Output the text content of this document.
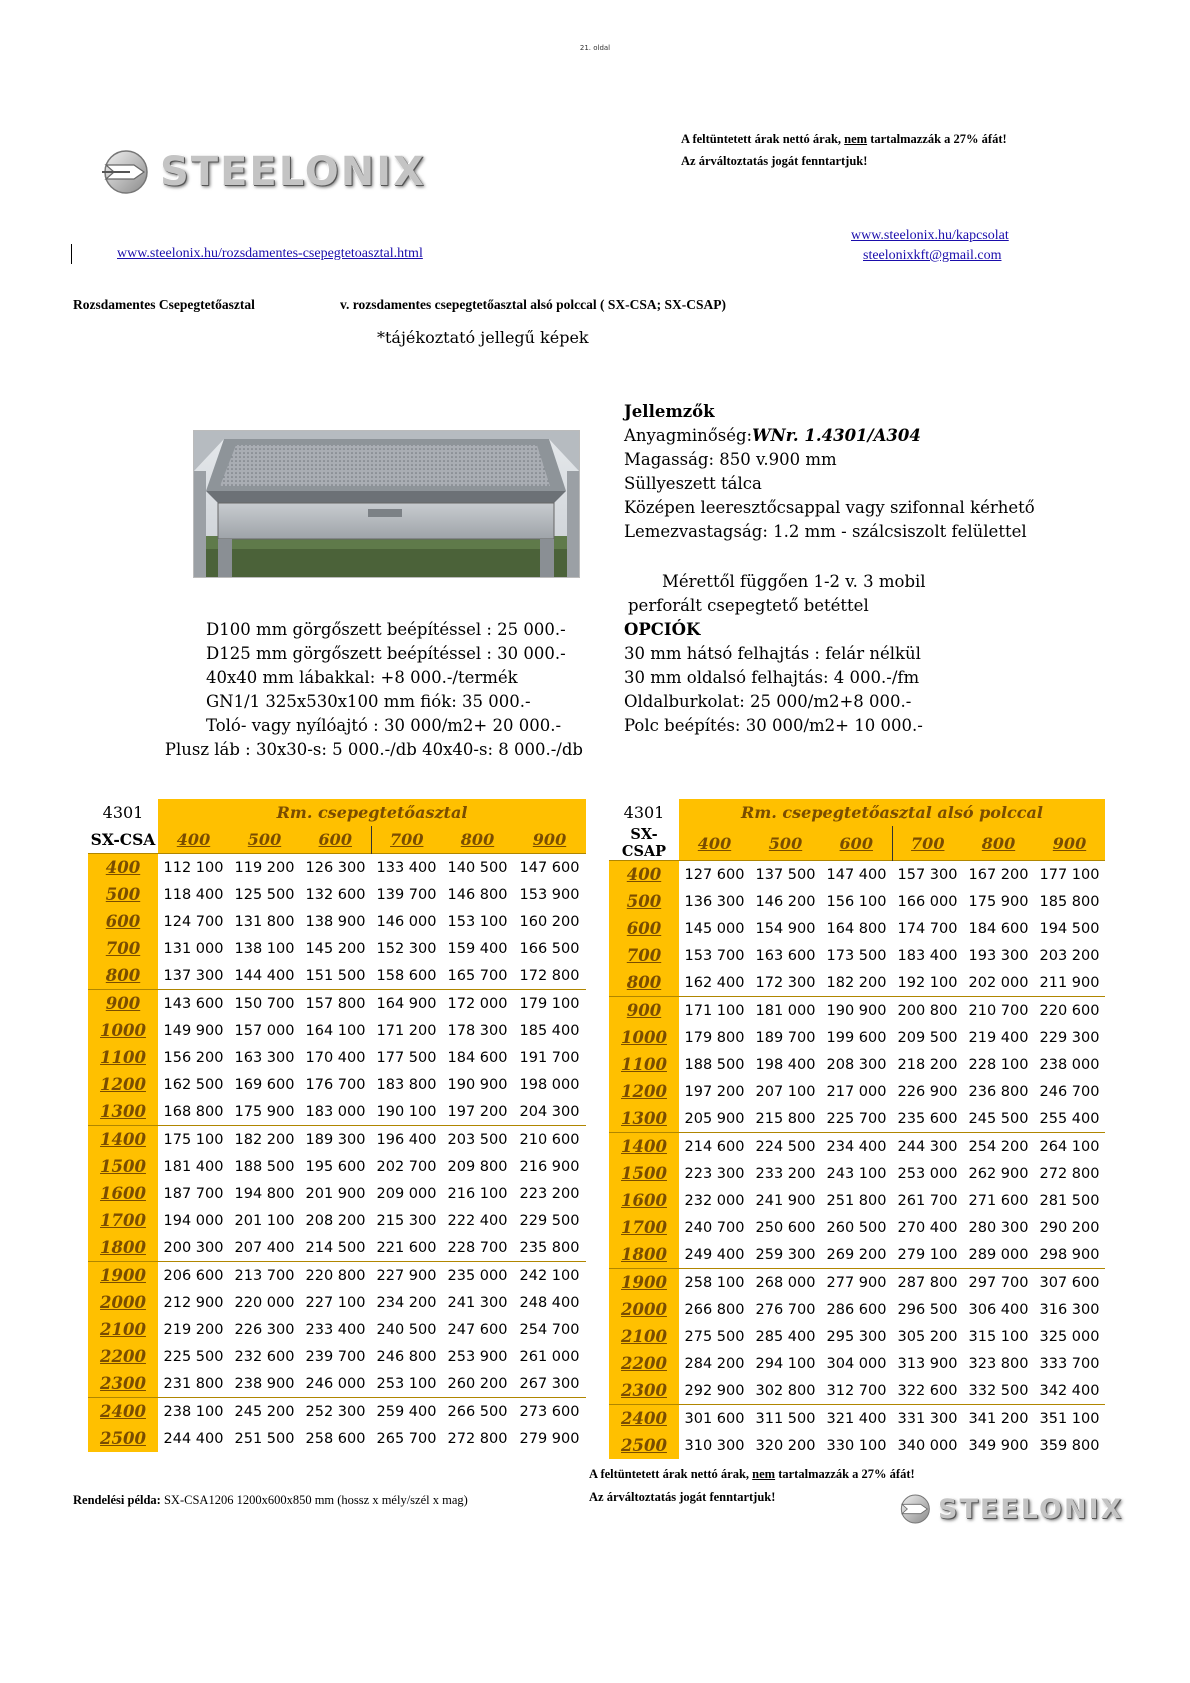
21. oldal
A feltüntetett árak nettó árak, nem tartalmazzák a 27% áfát!
Az árváltoztatás jogát fenntartjuk!
STEELONIX
www.steelonix.hu/rozsdamentes-csepegtetoasztal.html
www.steelonix.hu/kapcsolat
steelonixkft@gmail.com
Rozsdamentes Csepegtetőasztal	v. rozsdamentes csepegtetőasztal alsó polccal ( SX-CSA; SX-CSAP)
*tájékoztató jellegű képek
Jellemzők
Anyagminőség:WNr. 1.4301/A304
Magasság: 850 v.900 mm
Süllyeszett tálca
Középen leeresztőcsappal vagy szifonnal kérhető
Lemezvastagság: 1.2 mm - szálcsiszolt felülettel
Mérettől függően 1-2 v. 3 mobil
perforált csepegtető betéttel
OPCIÓK
30 mm hátsó felhajtás : felár nélkül
30 mm oldalsó felhajtás: 4 000.-/fm
Oldalburkolat: 25 000/m2+8 000.-
Polc beépítés: 30 000/m2+ 10 000.-
D100 mm görgőszett beépítéssel : 25 000.-
D125 mm görgőszett beépítéssel : 30 000.-
40x40 mm lábakkal: +8 000.-/termék
GN1/1 325x530x100 mm fiók: 35 000.-
Toló- vagy nyílóajtó : 30 000/m2+ 20 000.-
Plusz láb : 30x30-s: 5 000.-/db 40x40-s: 8 000.-/db
4301	Rm. csepegtetőasztal					
SX-CSA	400	500	600	700	800	900
400	112 100	119 200	126 300	133 400	140 500	147 600
500	118 400	125 500	132 600	139 700	146 800	153 900
600	124 700	131 800	138 900	146 000	153 100	160 200
700	131 000	138 100	145 200	152 300	159 400	166 500
800	137 300	144 400	151 500	158 600	165 700	172 800
900	143 600	150 700	157 800	164 900	172 000	179 100
1000	149 900	157 000	164 100	171 200	178 300	185 400
1100	156 200	163 300	170 400	177 500	184 600	191 700
1200	162 500	169 600	176 700	183 800	190 900	198 000
1300	168 800	175 900	183 000	190 100	197 200	204 300
1400	175 100	182 200	189 300	196 400	203 500	210 600
1500	181 400	188 500	195 600	202 700	209 800	216 900
1600	187 700	194 800	201 900	209 000	216 100	223 200
1700	194 000	201 100	208 200	215 300	222 400	229 500
1800	200 300	207 400	214 500	221 600	228 700	235 800
1900	206 600	213 700	220 800	227 900	235 000	242 100
2000	212 900	220 000	227 100	234 200	241 300	248 400
2100	219 200	226 300	233 400	240 500	247 600	254 700
2200	225 500	232 600	239 700	246 800	253 900	261 000
2300	231 800	238 900	246 000	253 100	260 200	267 300
2400	238 100	245 200	252 300	259 400	266 500	273 600
2500	244 400	251 500	258 600	265 700	272 800	279 900
4301	Rm. csepegtetőasztal alsó polccal					
SX-CSAP	400	500	600	700	800	900
400	127 600	137 500	147 400	157 300	167 200	177 100
500	136 300	146 200	156 100	166 000	175 900	185 800
600	145 000	154 900	164 800	174 700	184 600	194 500
700	153 700	163 600	173 500	183 400	193 300	203 200
800	162 400	172 300	182 200	192 100	202 000	211 900
900	171 100	181 000	190 900	200 800	210 700	220 600
1000	179 800	189 700	199 600	209 500	219 400	229 300
1100	188 500	198 400	208 300	218 200	228 100	238 000
1200	197 200	207 100	217 000	226 900	236 800	246 700
1300	205 900	215 800	225 700	235 600	245 500	255 400
1400	214 600	224 500	234 400	244 300	254 200	264 100
1500	223 300	233 200	243 100	253 000	262 900	272 800
1600	232 000	241 900	251 800	261 700	271 600	281 500
1700	240 700	250 600	260 500	270 400	280 300	290 200
1800	249 400	259 300	269 200	279 100	289 000	298 900
1900	258 100	268 000	277 900	287 800	297 700	307 600
2000	266 800	276 700	286 600	296 500	306 400	316 300
2100	275 500	285 400	295 300	305 200	315 100	325 000
2200	284 200	294 100	304 000	313 900	323 800	333 700
2300	292 900	302 800	312 700	322 600	332 500	342 400
2400	301 600	311 500	321 400	331 300	341 200	351 100
2500	310 300	320 200	330 100	340 000	349 900	359 800
Rendelési példa: SX-CSA1206 1200x600x850 mm (hossz x mély/szél x mag)
A feltüntetett árak nettó árak, nem tartalmazzák a 27% áfát!
Az árváltoztatás jogát fenntartjuk!	STEELONIX
